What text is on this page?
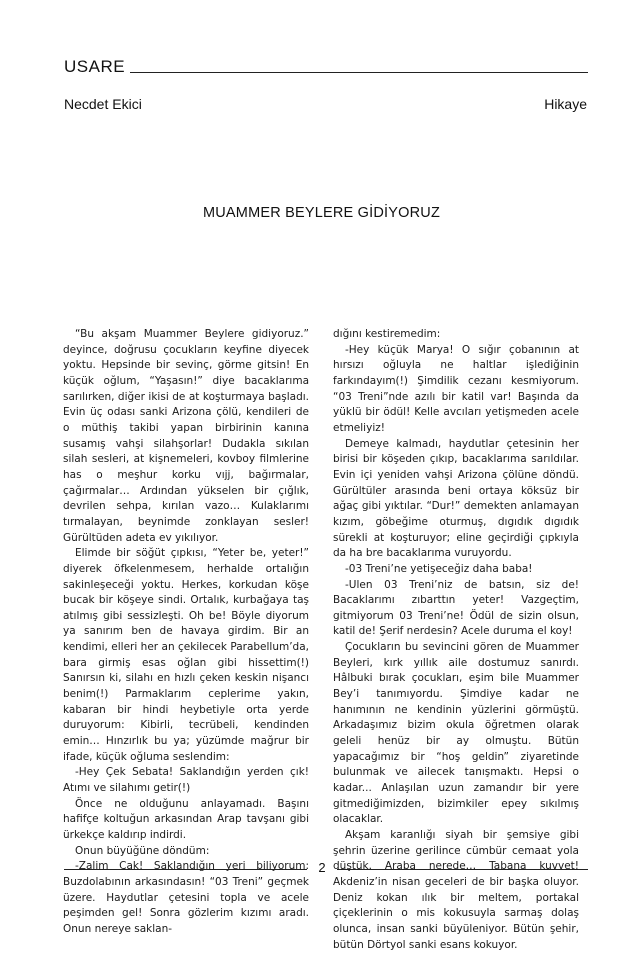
USARE
Necdet Ekici	Hikaye
MUAMMER BEYLERE GİDİYORUZ

“Bu akşam Muammer Beylere gidiyoruz.” deyince, doğrusu çocukların keyfine diyecek yoktu. Hepsinde bir sevinç, görme gitsin! En küçük oğlum, “Yaşasın!” diye bacaklarıma sarılırken, diğer ikisi de at koşturmaya başladı. Evin üç odası sanki Arizona çölü, kendileri de o müthiş takibi yapan birbirinin kanına susamış vahşi silahşorlar! Dudakla sıkılan silah sesleri, at kişnemeleri, kovboy filmlerine has o meşhur korku vıjj, bağırmalar, çağırmalar… Ardından yükselen bir çığlık, devrilen sehpa, kırılan vazo… Kulaklarımı tırmalayan, beynimde zonklayan sesler! Gürültüden adeta ev yıkılıyor.

Elimde bir söğüt çıpkısı, “Yeter be, yeter!” diyerek öfkelenmesem, herhalde ortalığın sakinleşeceği yoktu. Herkes, korkudan köşe bucak bir köşeye sindi. Ortalık, kurbağaya taş atılmış gibi sessizleşti. Oh be! Böyle diyorum ya sanırım ben de havaya girdim. Bir an kendimi, elleri her an çekilecek Parabellum’da, bara girmiş esas oğlan gibi hissettim(!) Sanırsın ki, silahı en hızlı çeken keskin nişancı benim(!) Parmaklarım ceplerime yakın, kabaran bir hindi heybetiyle orta yerde duruyorum: Kibirli, tecrübeli, kendinden emin… Hınzırlık bu ya; yüzümde mağrur bir ifade, küçük oğluma seslendim:

-Hey Çek Sebata! Saklandığın yerden çık! Atımı ve silahımı getir(!)

Önce ne olduğunu anlayamadı. Başını hafifçe koltuğun arkasından Arap tavşanı gibi ürkekçe kaldırıp indirdi.

Onun büyüğüne döndüm:

-Zalim Cak! Saklandığın yeri biliyorum: Buzdolabının arkasındasın! “03 Treni” geçmek üzere. Haydutlar çetesini topla ve acele peşimden gel! Sonra gözlerim kızımı aradı. Onun nereye saklan-

dığını kestiremedim:

-Hey küçük Marya! O sığır çobanının at hırsızı oğluyla ne haltlar işlediğinin farkındayım(!) Şimdilik cezanı kesmiyorum. “03 Treni”nde azılı bir katil var! Başında da yüklü bir ödül! Kelle avcıları yetişmeden acele etmeliyiz!

Demeye kalmadı, haydutlar çetesinin her birisi bir köşeden çıkıp, bacaklarıma sarıldılar. Evin içi yeniden vahşi Arizona çölüne döndü. Gürültüler arasında beni ortaya köksüz bir ağaç gibi yıktılar. “Dur!” demekten anlamayan kızım, göbeğime oturmuş, dıgıdık dıgıdık sürekli at koşturuyor; eline geçirdiği çıpkıyla da ha bre bacaklarıma vuruyordu.

-03 Treni’ne yetişeceğiz daha baba!

-Ulen 03 Treni’niz de batsın, siz de! Bacaklarımı zıbarttın yeter! Vazgeçtim, gitmiyorum 03 Treni’ne! Ödül de sizin olsun, katil de! Şerif nerdesin? Acele duruma el koy!

Çocukların bu sevincini gören de Muammer Beyleri, kırk yıllık aile dostumuz sanırdı. Hâlbuki bırak çocukları, eşim bile Muammer Bey’i tanımıyordu. Şimdiye kadar ne hanımının ne kendinin yüzlerini görmüştü. Arkadaşımız bizim okula öğretmen olarak geleli henüz bir ay olmuştu. Bütün yapacağımız bir “hoş geldin” ziyaretinde bulunmak ve ailecek tanışmaktı. Hepsi o kadar... Anlaşılan uzun zamandır bir yere gitmediğimizden, bizimkiler epey sıkılmış olacaklar.

Akşam karanlığı siyah bir şemsiye gibi şehrin üzerine gerilince cümbür cemaat yola düştük. Araba nerede… Tabana kuvvet! Akdeniz’in nisan geceleri de bir başka oluyor. Deniz kokan ılık bir meltem, portakal çiçeklerinin o mis kokusuyla sarmaş dolaş olunca, insan sanki büyüleniyor. Bütün şehir, bütün Dörtyol sanki esans kokuyor.

2
